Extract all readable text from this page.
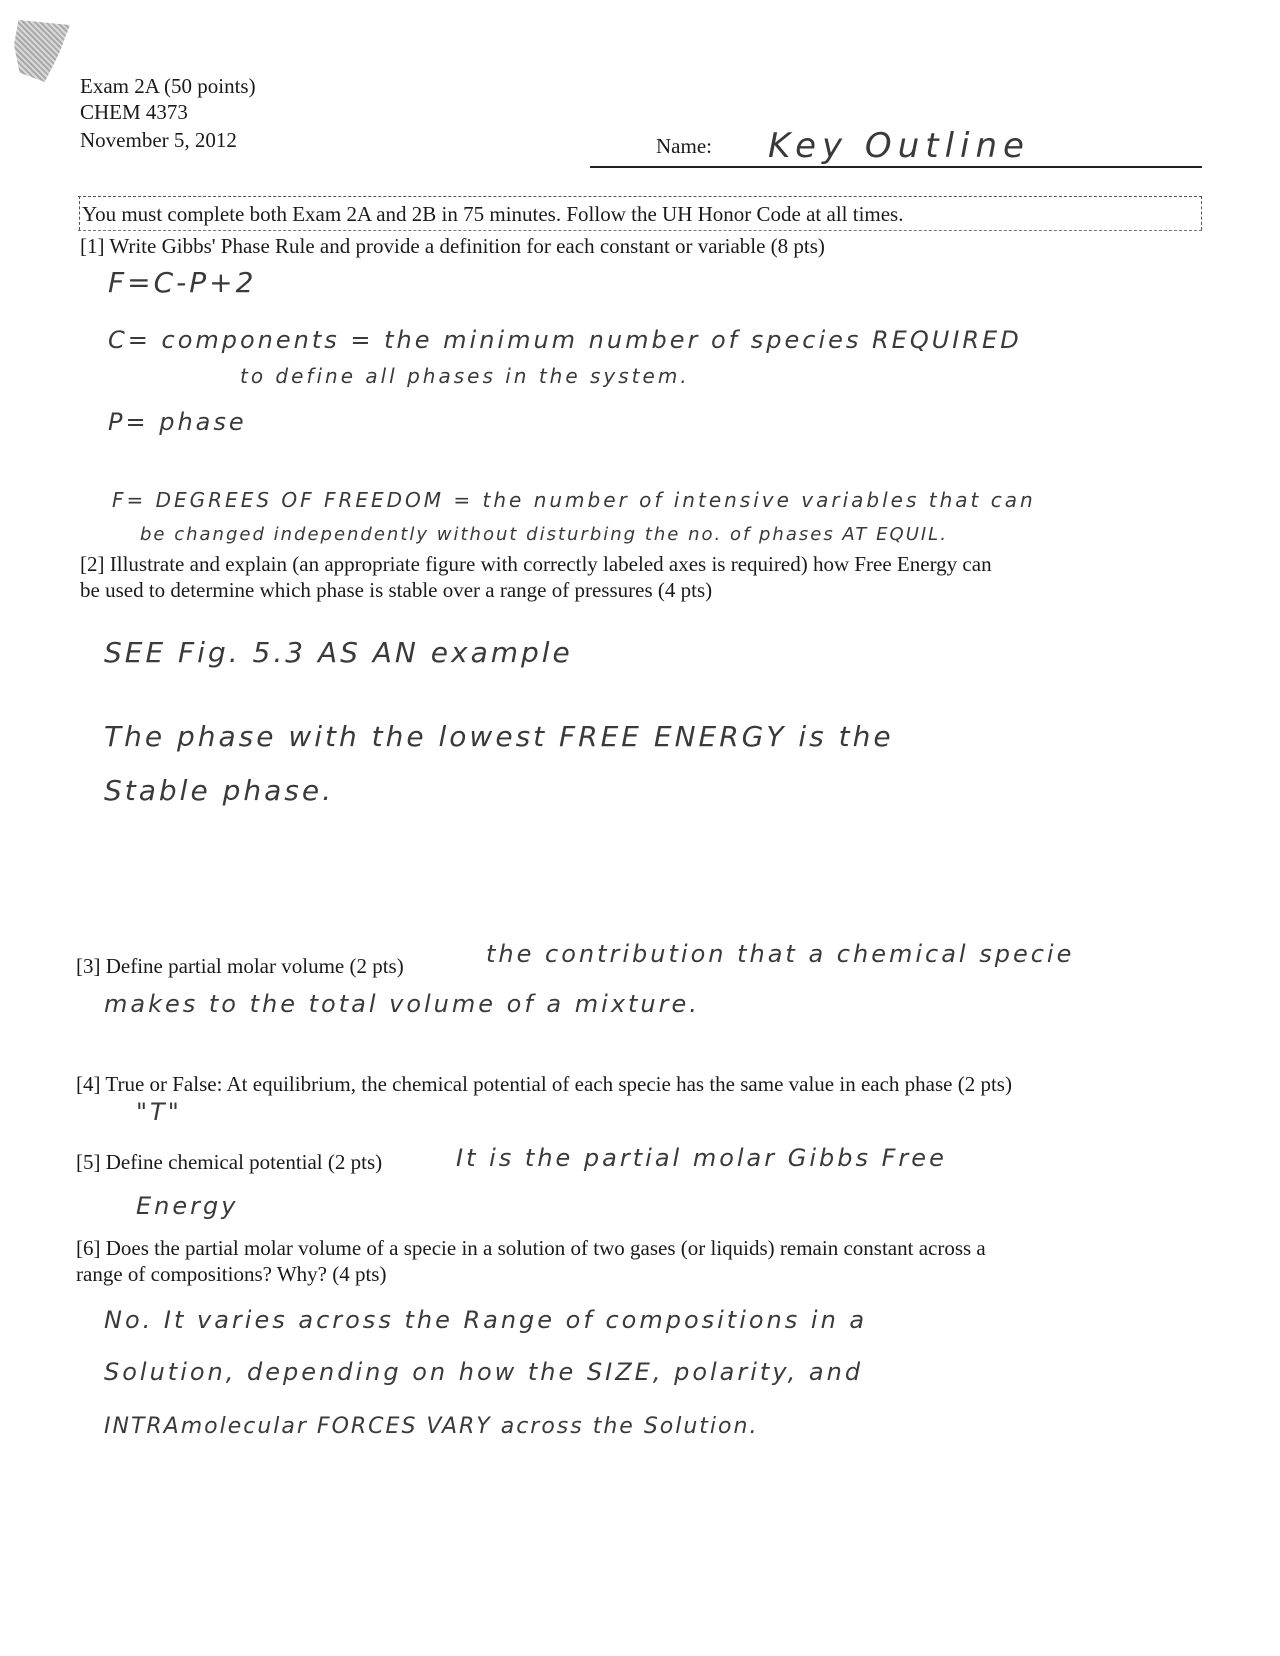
Exam 2A (50 points)
CHEM 4373
November 5, 2012	Name: Key Outline
You must complete both Exam 2A and 2B in 75 minutes. Follow the UH Honor Code at all times.
[1] Write Gibbs' Phase Rule and provide a definition for each constant or variable (8 pts)
F=C-P+2
C= components = the minimum number of species REQUIRED
to define all phases in the system.
P= phase
F= DEGREES OF FREEDOM = the number of intensive variables that can
be changed independently without disturbing the no. of phases AT EQUIL.
[2] Illustrate and explain (an appropriate figure with correctly labeled axes is required) how Free Energy can
be used to determine which phase is stable over a range of pressures (4 pts)
SEE Fig. 5.3 AS AN example
The phase with the lowest FREE ENERGY is the
Stable phase.
[3] Define partial molar volume (2 pts)	the contribution that a chemical specie
makes to the total volume of a mixture.
[4] True or False: At equilibrium, the chemical potential of each specie has the same value in each phase (2 pts)
"T"
[5] Define chemical potential (2 pts)	It is the partial molar Gibbs Free
Energy
[6] Does the partial molar volume of a specie in a solution of two gases (or liquids) remain constant across a
range of compositions? Why? (4 pts)
No. It varies across the Range of compositions in a
Solution, depending on how the SIZE, polarity, and
INTRAmolecular FORCES VARY across the Solution.
